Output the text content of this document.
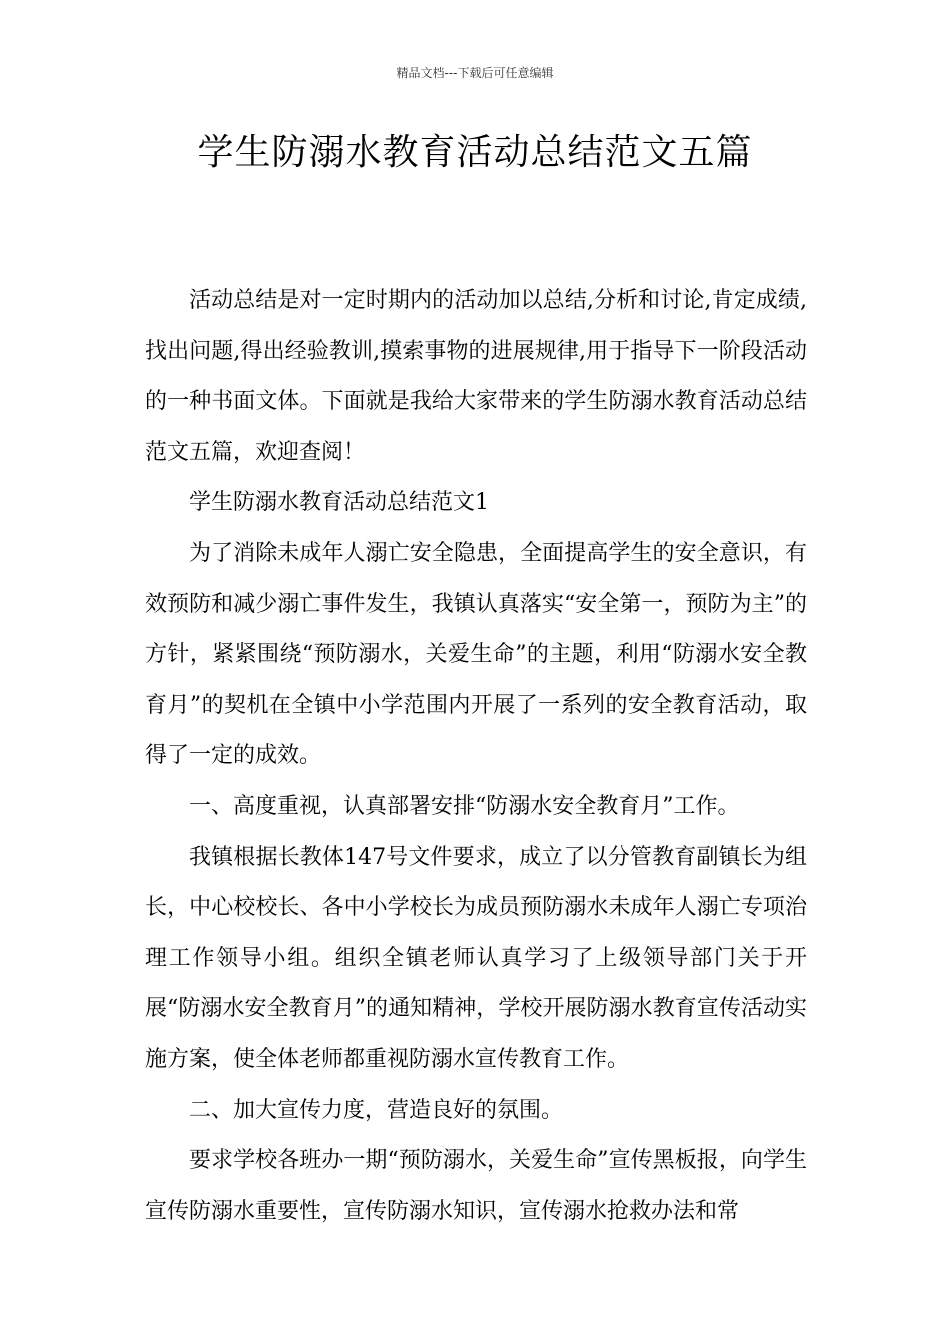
精品文档---下载后可任意编辑
学生防溺水教育活动总结范文五篇

活动总结是对一定时期内的活动加以总结,分析和讨论,肯定成绩,找出问题,得出经验教训,摸索事物的进展规律,用于指导下一阶段活动的一种书面文体。下面就是我给大家带来的学生防溺水教育活动总结范文五篇，欢迎查阅！

学生防溺水教育活动总结范文1

为了消除未成年人溺亡安全隐患，全面提高学生的安全意识，有效预防和减少溺亡事件发生，我镇认真落实“安全第一，预防为主”的方针，紧紧围绕“预防溺水，关爱生命”的主题，利用“防溺水安全教育月”的契机在全镇中小学范围内开展了一系列的安全教育活动，取得了一定的成效。

一、高度重视，认真部署安排“防溺水安全教育月”工作。

我镇根据长教体147号文件要求，成立了以分管教育副镇长为组长，中心校校长、各中小学校长为成员预防溺水未成年人溺亡专项治理工作领导小组。组织全镇老师认真学习了上级领导部门关于开展“防溺水安全教育月”的通知精神，学校开展防溺水教育宣传活动实施方案，使全体老师都重视防溺水宣传教育工作。

二、加大宣传力度，营造良好的氛围。

要求学校各班办一期“预防溺水，关爱生命”宣传黑板报，向学生宣传防溺水重要性，宣传防溺水知识，宣传溺水抢救办法和常
